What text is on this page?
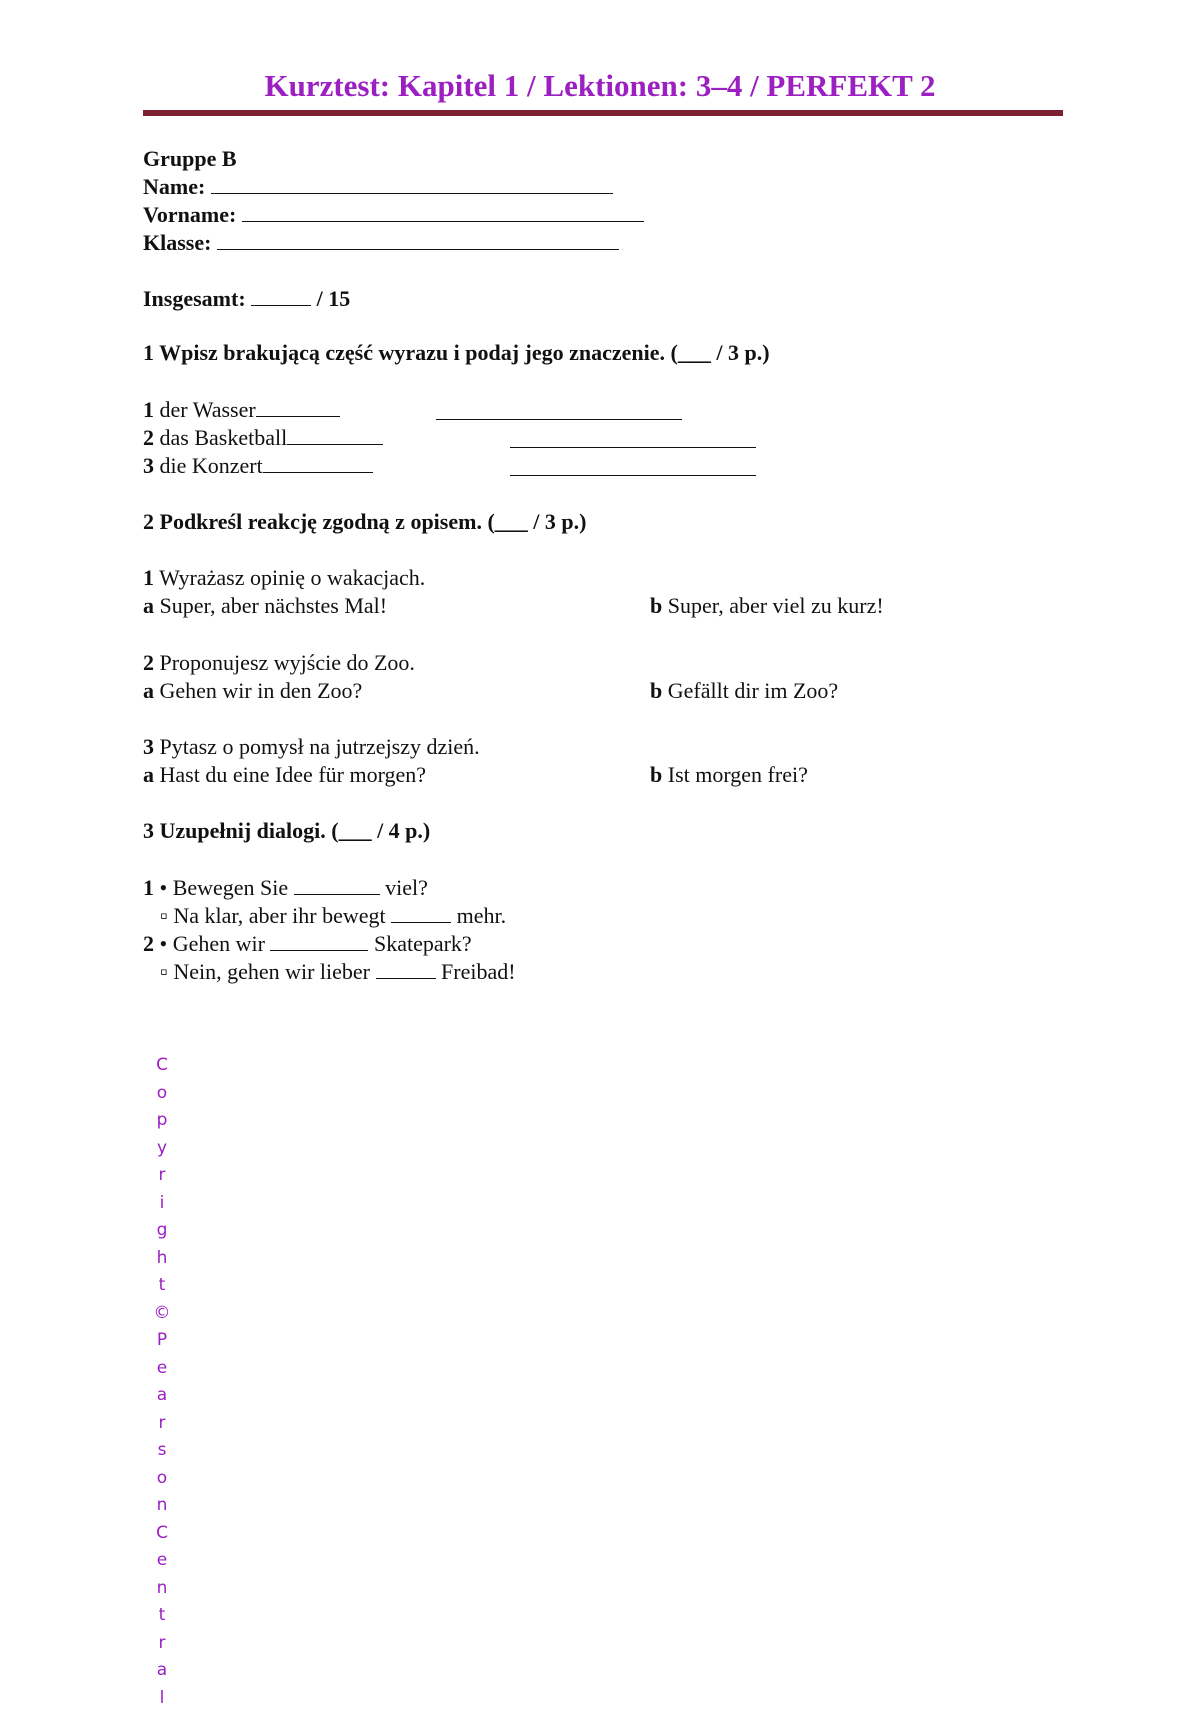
Kurztest: Kapitel 1 / Lektionen: 3–4 / PERFEKT 2
Gruppe B
Name:
Vorname:
Klasse:
Insgesamt:	/ 15
1 Wpisz brakującą część wyrazu i podaj jego znaczenie. (___ / 3 p.)
1 der Wasser
2 das Basketball
3 die Konzert
2 Podkreśl reakcję zgodną z opisem. (___ / 3 p.)
1 Wyrażasz opinię o wakacjach.
a Super, aber nächstes Mal!	b Super, aber viel zu kurz!
2 Proponujesz wyjście do Zoo.
a Gehen wir in den Zoo?	b Gefällt dir im Zoo?
3 Pytasz o pomysł na jutrzejszy dzień.
a Hast du eine Idee für morgen?	b Ist morgen frei?
3 Uzupełnij dialogi. (___ / 4 p.)
1 • Bewegen Sie	viel?
▫ Na klar, aber ihr bewegt	mehr.
2 • Gehen wir	Skatepark?
▫ Nein, gehen wir lieber	Freibad!
C
o
p
y
r
i
g
h
t
©
P
e
a
r
s
o
n
C
e
n
t
r
a
l
